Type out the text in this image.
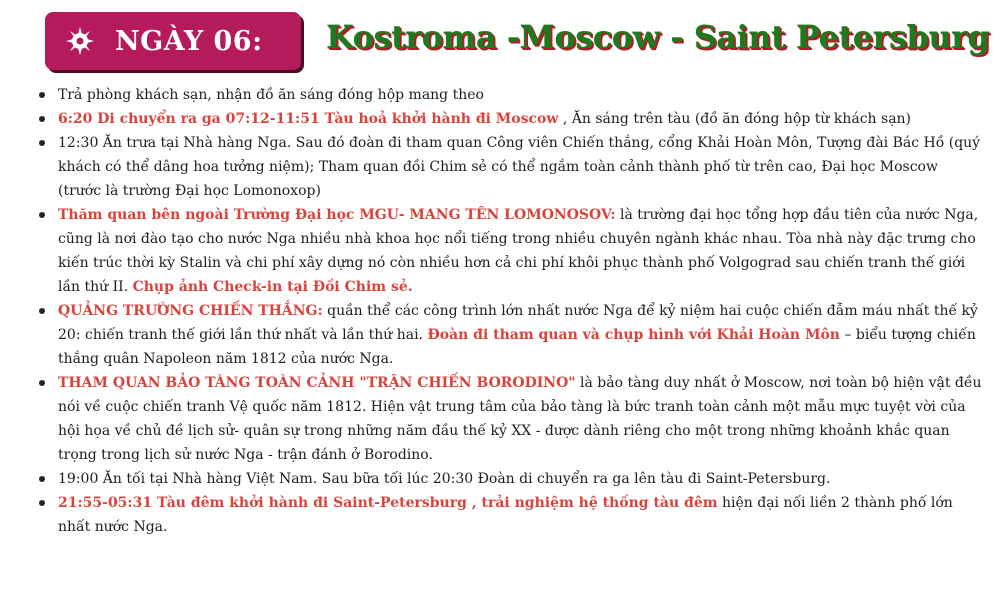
NGÀY 06: Kostroma -Moscow - Saint Petersburg
Trả phòng khách sạn, nhận đồ ăn sáng đóng hộp mang theo
6:20 Di chuyển ra ga 07:12-11:51 Tàu hoả khởi hành đi Moscow , Ăn sáng trên tàu (đồ ăn đóng hộp từ khách sạn)
12:30 Ăn trưa tại Nhà hàng Nga. Sau đó đoàn đi tham quan Công viên Chiến thắng, cổng Khải Hoàn Môn, Tượng đài Bác Hồ (quý khách có thể dâng hoa tưởng niệm); Tham quan đồi Chim sẻ có thể ngắm toàn cảnh thành phố từ trên cao, Đại học Moscow (trước là trường Đại học Lomonoxop)
Thăm quan bên ngoài Trường Đại học MGU- MANG TÊN LOMONOSOV: là trường đại học tổng hợp đầu tiên của nước Nga, cũng là nơi đào tạo cho nước Nga nhiều nhà khoa học nổi tiếng trong nhiều chuyên ngành khác nhau. Tòa nhà này đặc trưng cho kiến trúc thời kỳ Stalin và chi phí xây dựng nó còn nhiều hơn cả chi phí khôi phục thành phố Volgograd sau chiến tranh thế giới lần thứ II. Chụp ảnh Check-in tại Đồi Chim sẻ.
QUẢNG TRƯỜNG CHIẾN THẮNG: quần thể các công trình lớn nhất nước Nga để kỷ niệm hai cuộc chiến đẫm máu nhất thế kỷ 20: chiến tranh thế giới lần thứ nhất và lần thứ hai. Đoàn đi tham quan và chụp hình với Khải Hoàn Môn – biểu tượng chiến thắng quân Napoleon năm 1812 của nước Nga.
THAM QUAN BẢO TÀNG TOÀN CẢNH "TRẬN CHIẾN BORODINO" là bảo tàng duy nhất ở Moscow, nơi toàn bộ hiện vật đều nói về cuộc chiến tranh Vệ quốc năm 1812. Hiện vật trung tâm của bảo tàng là bức tranh toàn cảnh một mẫu mực tuyệt vời của hội họa về chủ đề lịch sử- quân sự trong những năm đầu thế kỷ XX - được dành riêng cho một trong những khoảnh khắc quan trọng trong lịch sử nước Nga - trận đánh ở Borodino.
19:00 Ăn tối tại Nhà hàng Việt Nam. Sau bữa tối lúc 20:30 Đoàn di chuyển ra ga lên tàu đi Saint-Petersburg.
21:55-05:31 Tàu đêm khởi hành đi Saint-Petersburg , trải nghiệm hệ thống tàu đêm hiện đại nối liền 2 thành phố lớn nhất nước Nga.
